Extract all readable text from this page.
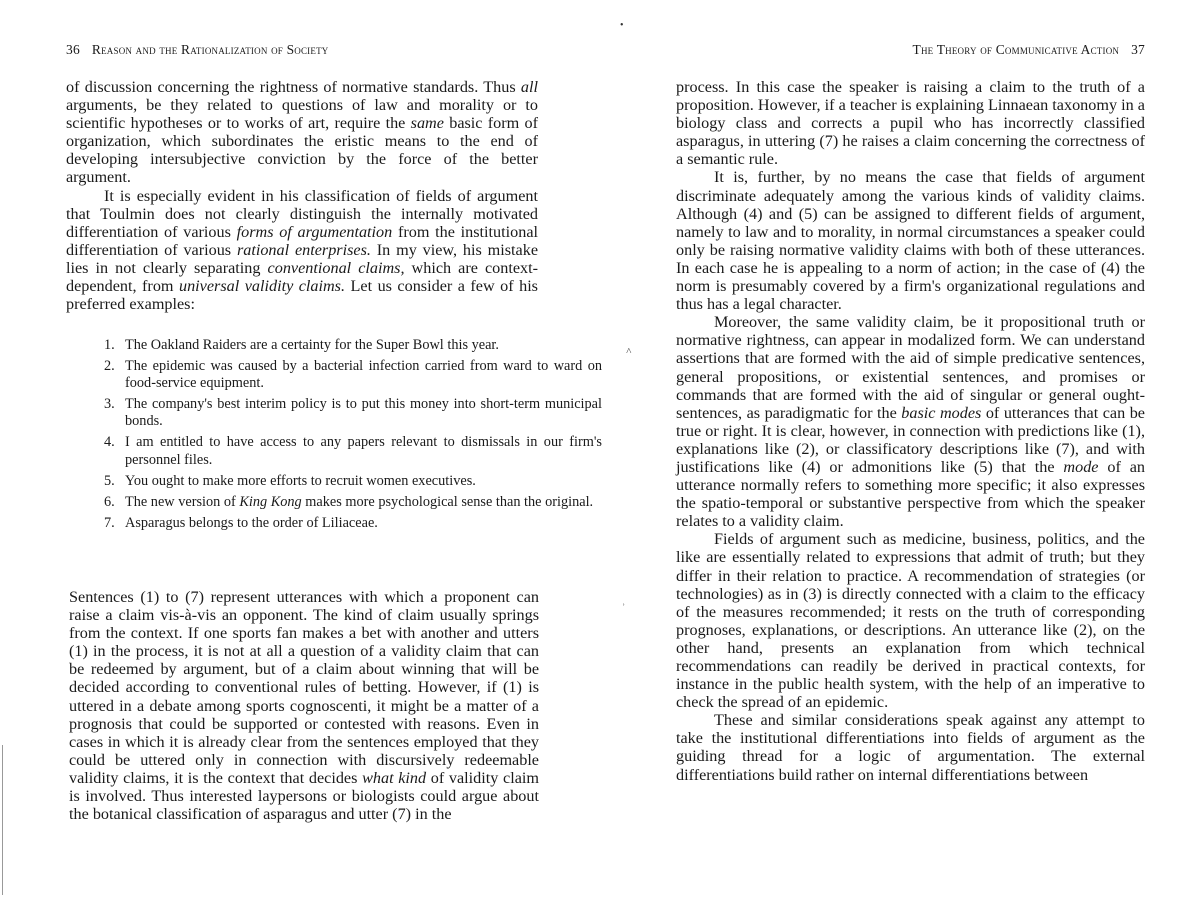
36 Reason and the Rationalization of Society

of discussion concerning the rightness of normative standards. Thus all arguments, be they related to questions of law and morality or to scientific hypotheses or to works of art, require the same basic form of organization, which subordinates the eristic means to the end of developing intersubjective conviction by the force of the better argument.

It is especially evident in his classification of fields of argument that Toulmin does not clearly distinguish the internally motivated differentiation of various forms of argumentation from the institutional differentiation of various rational enterprises. In my view, his mistake lies in not clearly separating conventional claims, which are context-dependent, from universal validity claims. Let us consider a few of his preferred examples:

1. The Oakland Raiders are a certainty for the Super Bowl this year.
2. The epidemic was caused by a bacterial infection carried from ward to ward on food-service equipment.
3. The company's best interim policy is to put this money into short-term municipal bonds.
4. I am entitled to have access to any papers relevant to dismissals in our firm's personnel files.
5. You ought to make more efforts to recruit women executives.
6. The new version of King Kong makes more psychological sense than the original.
7. Asparagus belongs to the order of Liliaceae.

Sentences (1) to (7) represent utterances with which a proponent can raise a claim vis-à-vis an opponent. The kind of claim usually springs from the context. If one sports fan makes a bet with another and utters (1) in the process, it is not at all a question of a validity claim that can be redeemed by argument, but of a claim about winning that will be decided according to conventional rules of betting. However, if (1) is uttered in a debate among sports cognoscenti, it might be a matter of a prognosis that could be supported or contested with reasons. Even in cases in which it is already clear from the sentences employed that they could be uttered only in connection with discursively redeemable validity claims, it is the context that decides what kind of validity claim is involved. Thus interested laypersons or biologists could argue about the botanical classification of asparagus and utter (7) in the

The Theory of Communicative Action 37

process. In this case the speaker is raising a claim to the truth of a proposition. However, if a teacher is explaining Linnaean taxonomy in a biology class and corrects a pupil who has incorrectly classified asparagus, in uttering (7) he raises a claim concerning the correctness of a semantic rule.

It is, further, by no means the case that fields of argument discriminate adequately among the various kinds of validity claims. Although (4) and (5) can be assigned to different fields of argument, namely to law and to morality, in normal circumstances a speaker could only be raising normative validity claims with both of these utterances. In each case he is appealing to a norm of action; in the case of (4) the norm is presumably covered by a firm's organizational regulations and thus has a legal character.

Moreover, the same validity claim, be it propositional truth or normative rightness, can appear in modalized form. We can understand assertions that are formed with the aid of simple predicative sentences, general propositions, or existential sentences, and promises or commands that are formed with the aid of singular or general ought-sentences, as paradigmatic for the basic modes of utterances that can be true or right. It is clear, however, in connection with predictions like (1), explanations like (2), or classificatory descriptions like (7), and with justifications like (4) or admonitions like (5) that the mode of an utterance normally refers to something more specific; it also expresses the spatio-temporal or substantive perspective from which the speaker relates to a validity claim.

Fields of argument such as medicine, business, politics, and the like are essentially related to expressions that admit of truth; but they differ in their relation to practice. A recommendation of strategies (or technologies) as in (3) is directly connected with a claim to the efficacy of the measures recommended; it rests on the truth of corresponding prognoses, explanations, or descriptions. An utterance like (2), on the other hand, presents an explanation from which technical recommendations can readily be derived in practical contexts, for instance in the public health system, with the help of an imperative to check the spread of an epidemic.

These and similar considerations speak against any attempt to take the institutional differentiations into fields of argument as the guiding thread for a logic of argumentation. The external differentiations build rather on internal differentiations between

•
˄
˒
